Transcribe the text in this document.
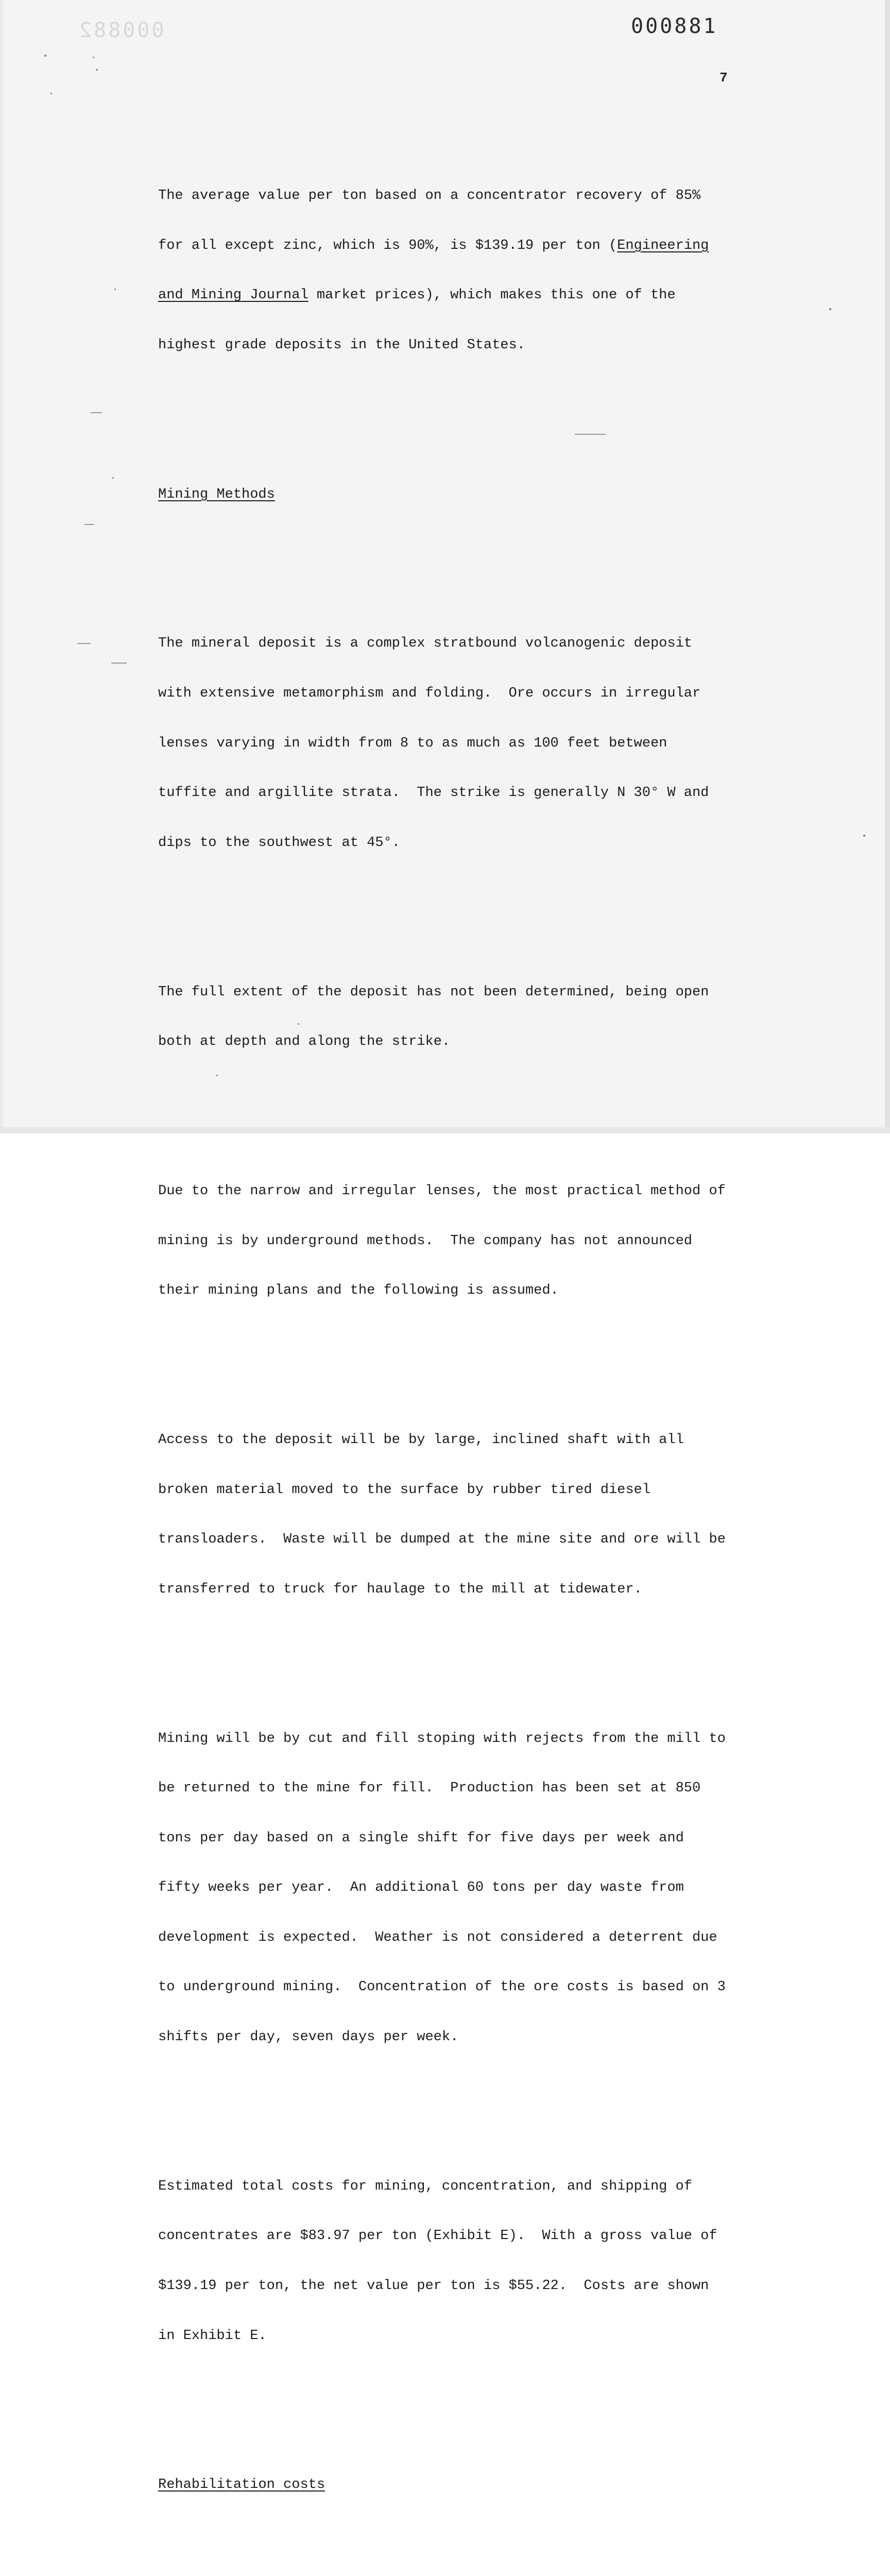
000882	000881
7

The average value per ton based on a concentrator recovery of 85%

for all except zinc, which is 90%, is $139.19 per ton (Engineering

and Mining Journal market prices), which makes this one of the

highest grade deposits in the United States.

Mining Methods

The mineral deposit is a complex stratbound volcanogenic deposit

with extensive metamorphism and folding.  Ore occurs in irregular

lenses varying in width from 8 to as much as 100 feet between

tuffite and argillite strata.  The strike is generally N 30° W and

dips to the southwest at 45°.

The full extent of the deposit has not been determined, being open

both at depth and along the strike.

Due to the narrow and irregular lenses, the most practical method of

mining is by underground methods.  The company has not announced

their mining plans and the following is assumed.

Access to the deposit will be by large, inclined shaft with all

broken material moved to the surface by rubber tired diesel

transloaders.  Waste will be dumped at the mine site and ore will be

transferred to truck for haulage to the mill at tidewater.

Mining will be by cut and fill stoping with rejects from the mill to

be returned to the mine for fill.  Production has been set at 850

tons per day based on a single shift for five days per week and

fifty weeks per year.  An additional 60 tons per day waste from

development is expected.  Weather is not considered a deterrent due

to underground mining.  Concentration of the ore costs is based on 3

shifts per day, seven days per week.

Estimated total costs for mining, concentration, and shipping of

concentrates are $83.97 per ton (Exhibit E).  With a gross value of

$139.19 per ton, the net value per ton is $55.22.  Costs are shown

in Exhibit E.

Rehabilitation costs
